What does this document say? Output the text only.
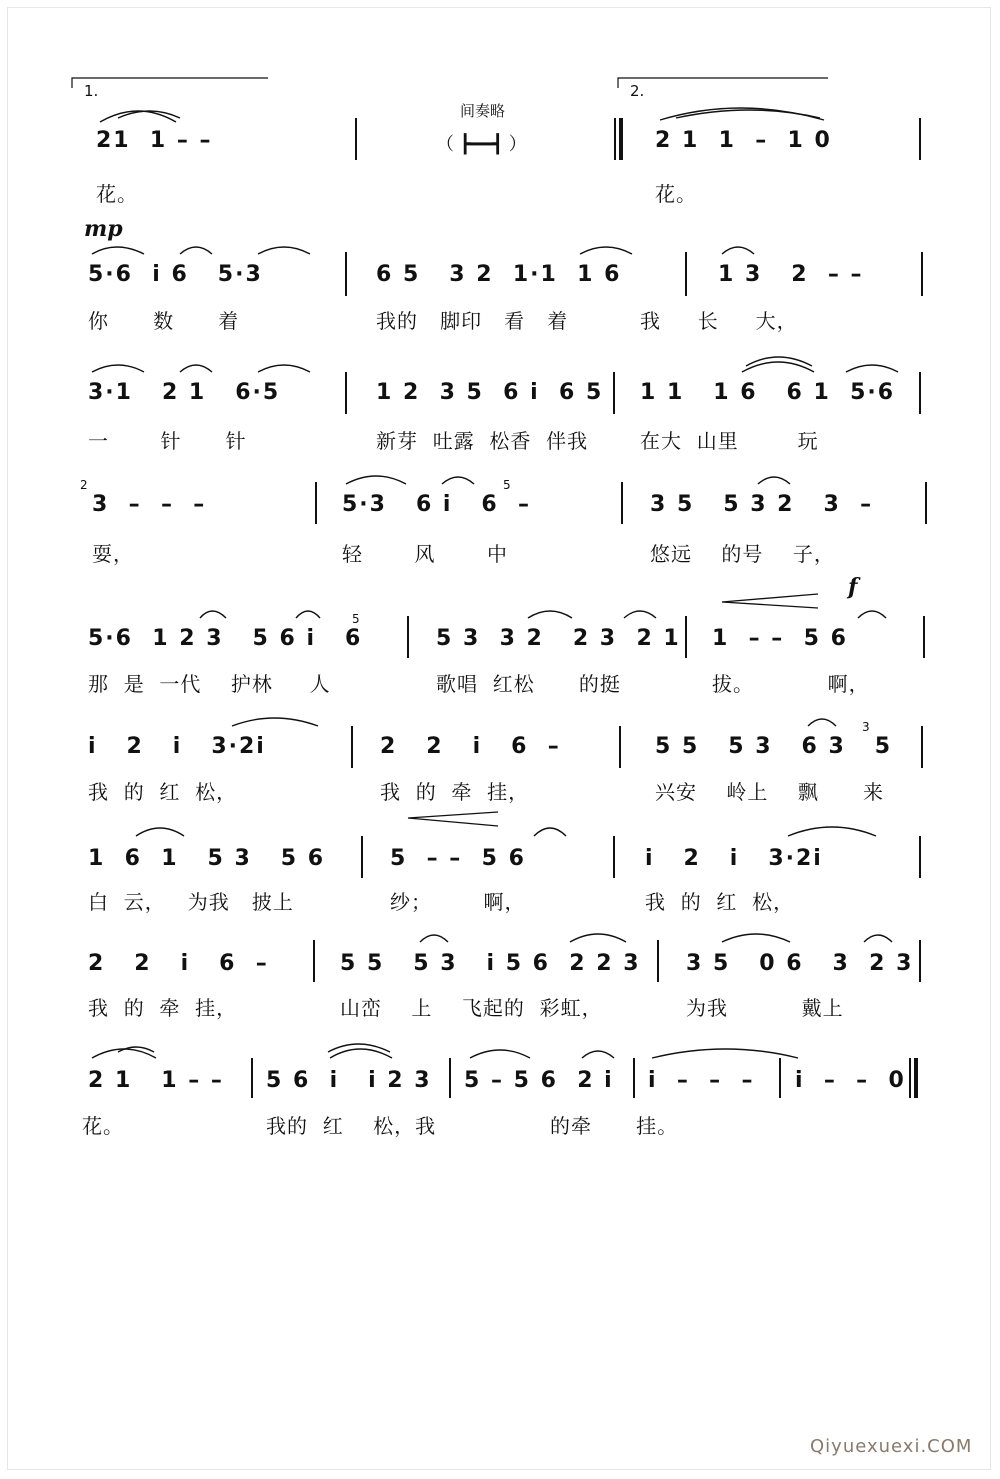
1.	2.
间奏略
21  1 – –	（ ┣━━┫ ）	2 1  1  –  1 0
花。	花。
mp
5·6  i 6   5·3	6 5   3 2  1·1  1 6	1 3   2  – –
你      数      着	我的   脚印   看   着	我     长     大，
3·1   2 1   6·5	1 2  3 5  6 i  6 5 1 1   1 6   6 1  5·6
一       针      针	新芽  吐露  松香  伴我	在大  山里        玩
2
3  –  –  –	5·3   6 i   6  –
5
3 5   5 3 2   3  –
耍，	轻       风       中	悠远    的号    子，
f
5·6  1 2 3   5 6 i   6
5
5 3  3 2   2 3  2 1 1  – –  5 6
那  是  一代    护林     人	歌唱  红松      的挺	拔。          啊，
i   2   i   3·2i	2   2   i   6  –	5 5   5 3   6 3   5
3
我  的  红  松，	我  的  牵  挂，	兴安    岭上    飘      来
1  6  1   5 3   5 6	5  – –  5 6	i   2   i   3·2i
白  云，   为我   披上	纱；       啊，	我  的  红  松，
2   2   i   6  –	5 5   5 3   i 5 6  2 2 3 3 5   0 6   3  2 3
我  的  牵  挂，	山峦    上    飞起的  彩虹，	为我          戴上
2 1   1 – – 5 6  i   i 2 3 5 – 5 6  2 i i  –  –  – i  –  –  0
花。	我的  红    松，我	的牵      挂。
Qiyuexuexi.COM
